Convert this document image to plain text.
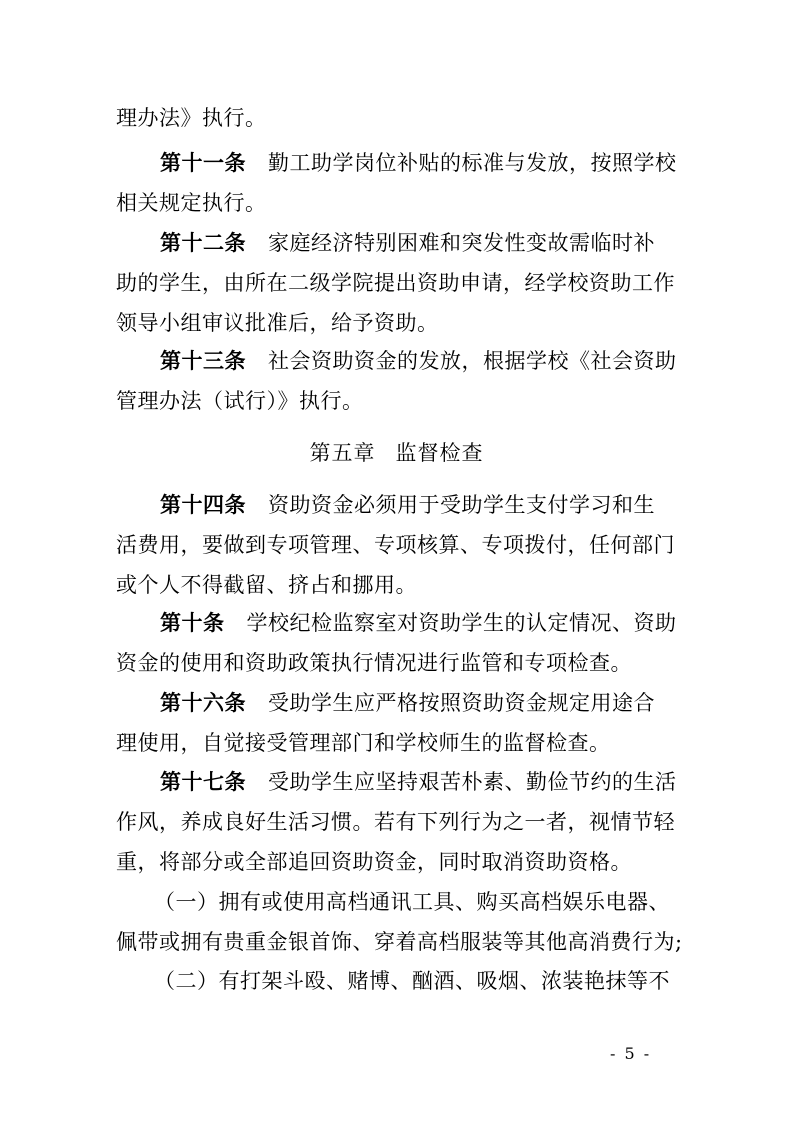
理办法》执行。
第十一条 勤工助学岗位补贴的标准与发放，按照学校
相关规定执行。
第十二条 家庭经济特别困难和突发性变故需临时补
助的学生，由所在二级学院提出资助申请，经学校资助工作
领导小组审议批准后，给予资助。
第十三条 社会资助资金的发放，根据学校《社会资助
管理办法（试行）》执行。
第五章 监督检查
第十四条 资助资金必须用于受助学生支付学习和生
活费用，要做到专项管理、专项核算、专项拨付，任何部门
或个人不得截留、挤占和挪用。
第十条 学校纪检监察室对资助学生的认定情况、资助
资金的使用和资助政策执行情况进行监管和专项检查。
第十六条 受助学生应严格按照资助资金规定用途合
理使用，自觉接受管理部门和学校师生的监督检查。
第十七条 受助学生应坚持艰苦朴素、勤俭节约的生活
作风，养成良好生活习惯。若有下列行为之一者，视情节轻
重，将部分或全部追回资助资金，同时取消资助资格。
（一）拥有或使用高档通讯工具、购买高档娱乐电器、
佩带或拥有贵重金银首饰、穿着高档服装等其他高消费行为;
（二）有打架斗殴、赌博、酗酒、吸烟、浓装艳抹等不
- 5 -
